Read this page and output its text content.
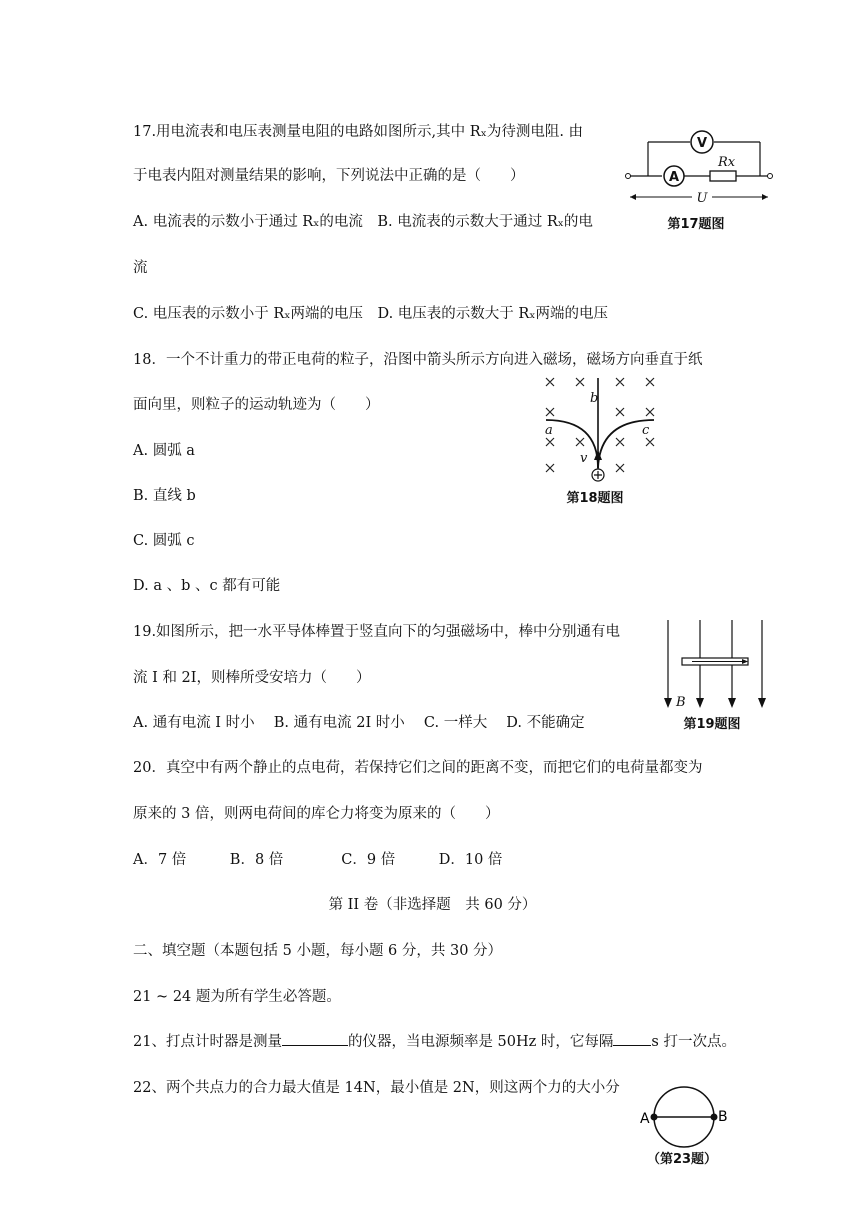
17.用电流表和电压表测量电阻的电路如图所示,其中 Rₓ为待测电阻. 由
于电表内阻对测量结果的影响，下列说法中正确的是（　　）
A. 电流表的示数小于通过 Rₓ的电流　B. 电流表的示数大于通过 Rₓ的电
流
C. 电压表的示数小于 Rₓ两端的电压　D. 电压表的示数大于 Rₓ两端的电压
V
A
Rx
U
第17题图
18．一个不计重力的带正电荷的粒子，沿图中箭头所示方向进入磁场，磁场方向垂直于纸
面向里，则粒子的运动轨迹为（　　）
A. 圆弧 a
B. 直线 b
C. 圆弧 c
D. a 、b 、c 都有可能
a
b
c
v
第18题图
19.如图所示，把一水平导体棒置于竖直向下的匀强磁场中，棒中分别通有电
流 I 和 2I，则棒所受安培力（　　）
A. 通有电流 I 时小　 B. 通有电流 2I 时小　 C. 一样大　 D. 不能确定
B
第19题图
20．真空中有两个静止的点电荷，若保持它们之间的距离不变，而把它们的电荷量都变为
原来的 3 倍，则两电荷间的库仑力将变为原来的（　　）
A．7 倍　　　B．8 倍　　　　C．9 倍　　　D．10 倍
第 II 卷（非选择题　共 60 分）
二、填空题（本题包括 5 小题，每小题 6 分，共 30 分）
21 ~ 24 题为所有学生必答题。
21、打点计时器是测量	的仪器，当电源频率是 50Hz 时，它每隔	s 打一次点。
22、两个共点力的合力最大值是 14N，最小值是 2N，则这两个力的大小分
A	B
（第23题）
